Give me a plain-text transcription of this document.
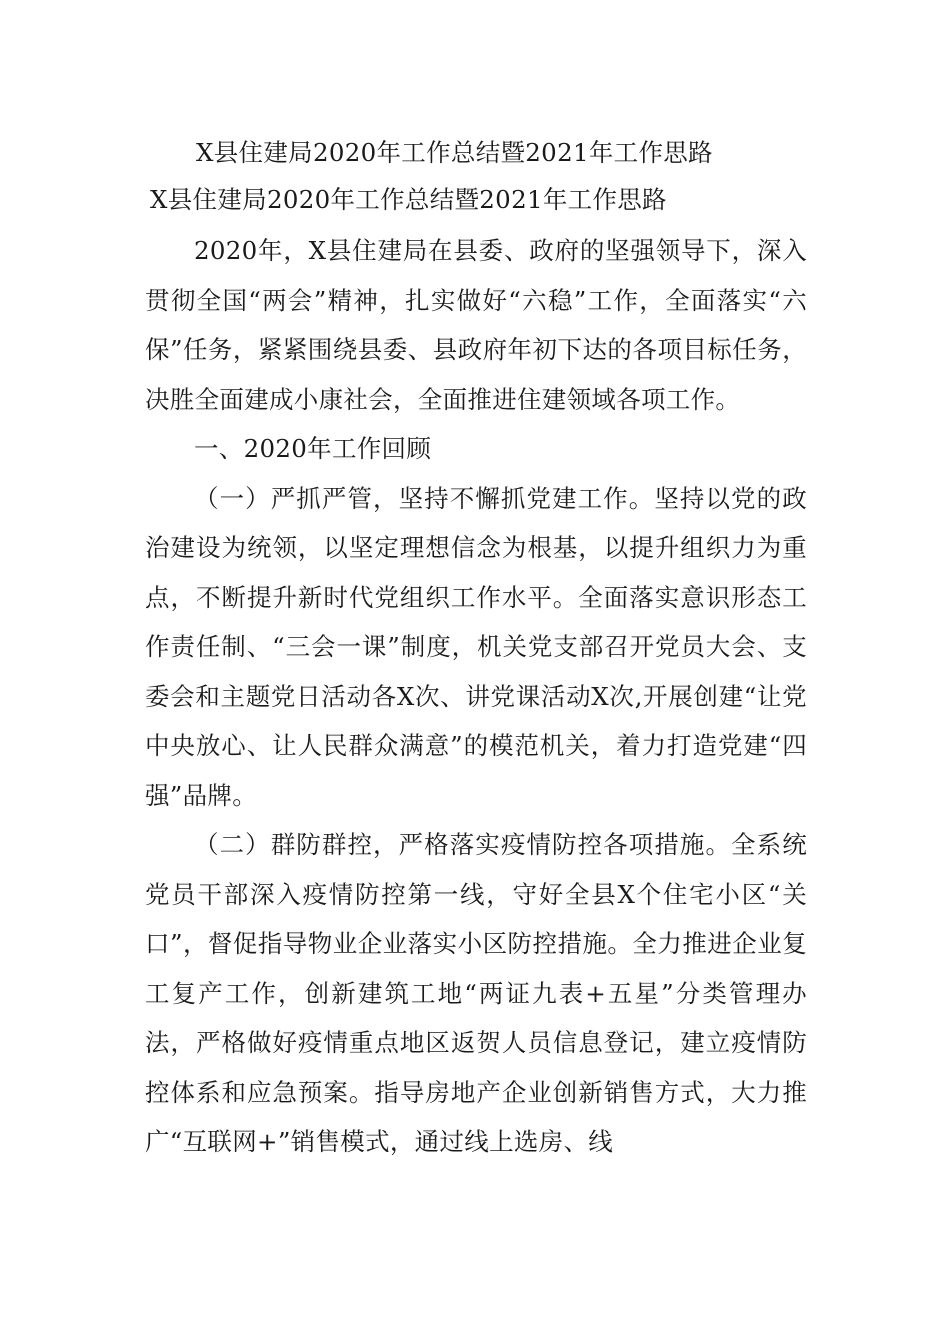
X县住建局2020年工作总结暨2021年工作思路
X县住建局2020年工作总结暨2021年工作思路

2020年，X县住建局在县委、政府的坚强领导下，深入贯彻全国“两会”精神，扎实做好“六稳”工作，全面落实“六保”任务，紧紧围绕县委、县政府年初下达的各项目标任务，决胜全面建成小康社会，全面推进住建领域各项工作。

一、2020年工作回顾

（一）严抓严管，坚持不懈抓党建工作。坚持以党的政治建设为统领，以坚定理想信念为根基，以提升组织力为重点，不断提升新时代党组织工作水平。全面落实意识形态工作责任制、“三会一课”制度，机关党支部召开党员大会、支委会和主题党日活动各X次、讲党课活动X次,开展创建“让党中央放心、让人民群众满意”的模范机关，着力打造党建“四强”品牌。

（二）群防群控，严格落实疫情防控各项措施。全系统党员干部深入疫情防控第一线，守好全县X个住宅小区“关口”，督促指导物业企业落实小区防控措施。全力推进企业复工复产工作，创新建筑工地“两证九表+五星”分类管理办法，严格做好疫情重点地区返贺人员信息登记，建立疫情防控体系和应急预案。指导房地产企业创新销售方式，大力推广“互联网+”销售模式，通过线上选房、线
